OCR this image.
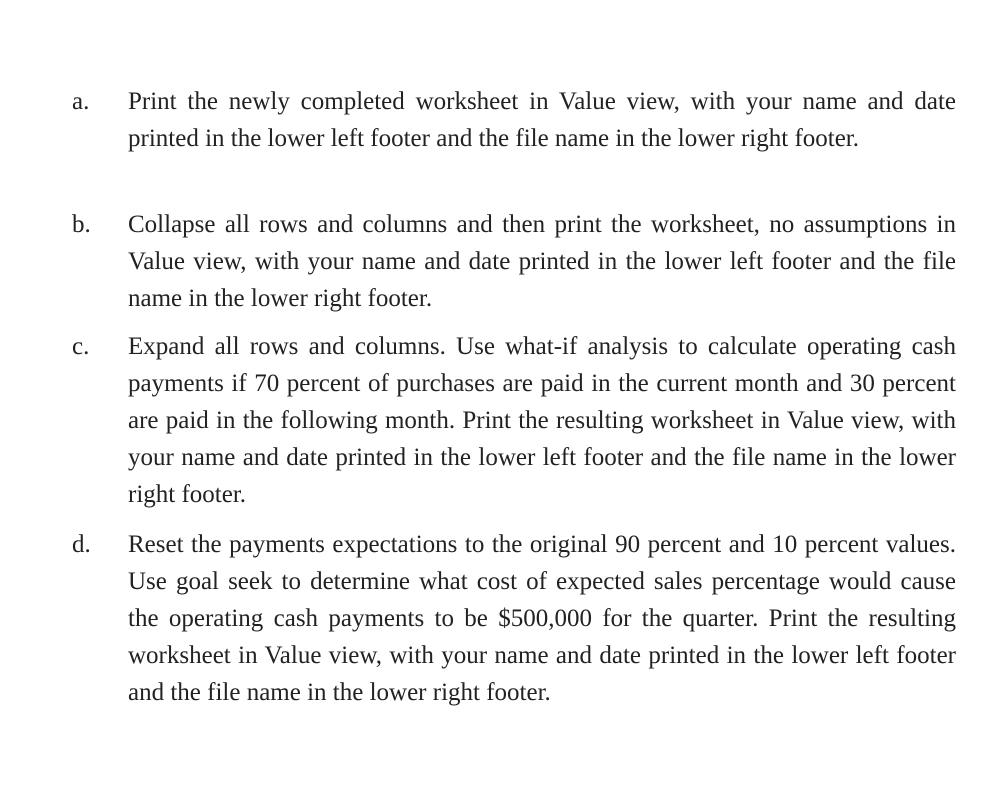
a. Print the newly completed worksheet in Value view, with your name and date printed in the lower left footer and the file name in the lower right footer.
b. Collapse all rows and columns and then print the worksheet, no assumptions in Value view, with your name and date printed in the lower left footer and the file name in the lower right footer.
c. Expand all rows and columns. Use what-if analysis to calculate operating cash payments if 70 percent of purchases are paid in the current month and 30 percent are paid in the following month. Print the resulting worksheet in Value view, with your name and date printed in the lower left footer and the file name in the lower right footer.
d. Reset the payments expectations to the original 90 percent and 10 percent values. Use goal seek to determine what cost of expected sales percentage would cause the operating cash payments to be $500,000 for the quarter. Print the resulting worksheet in Value view, with your name and date printed in the lower left footer and the file name in the lower right footer.
